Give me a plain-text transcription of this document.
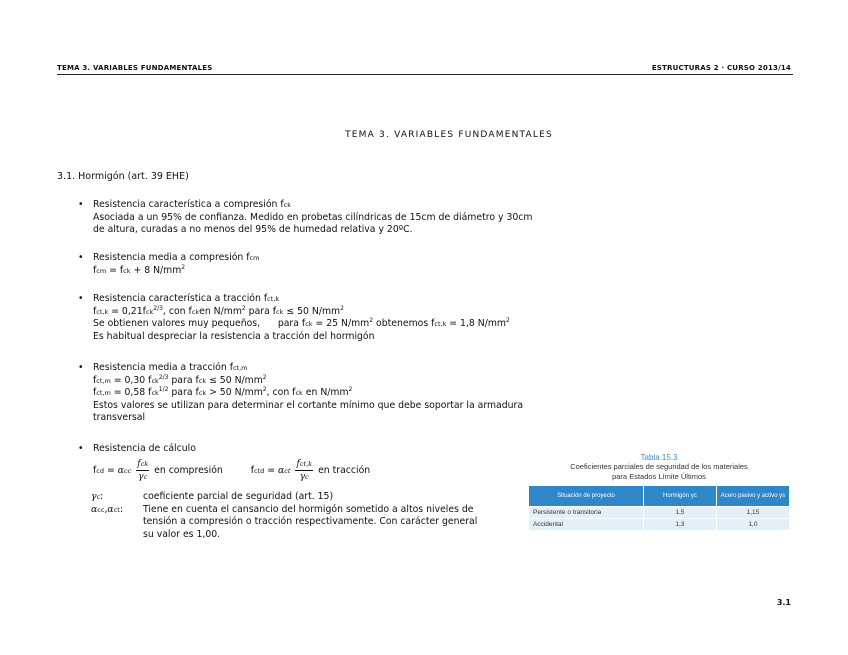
TEMA 3. VARIABLES FUNDAMENTALES	ESTRUCTURAS 2 · CURSO 2013/14
TEMA 3. VARIABLES FUNDAMENTALES
3.1. Hormigón (art. 39 EHE)
• Resistencia característica a compresión fck
Asociada a un 95% de confianza. Medido en probetas cilíndricas de 15cm de diámetro y 30cm
de altura, curadas a no menos del 95% de humedad relativa y 20ºC.
• Resistencia media a compresión fcm
fcm = fck + 8 $N/mm^2$
• Resistencia característica a tracción fct,k
fct,k = 0,21fck$^{2/3}$, con fcken $N/mm^2$ para fck ≤ 50 $N/mm^2$
Se obtienen valores muy pequeños,      para fck = 25 $N/mm^2$ obtenemos fct,k = 1,8 $N/mm^2$
Es habitual despreciar la resistencia a tracción del hormigón
• Resistencia media a tracción fct,m
fct,m = 0,30 fck$^{2/3}$ para fck ≤ 50 $N/mm^2$
fct,m = 0,58 fck$^{1/2}$ para fck > 50 $N/mm^2$, con fck en $N/mm^2$
Estos valores se utilizan para determinar el cortante mínimo que debe soportar la armadura
transversal
• Resistencia de cálculo
fcd = αcc $\frac{\text{fck}}{\gamma c}$ en compresión	fctd = αct $\frac{\text{fct,k}}{\gamma c}$ en tracción
γc:	coeficiente parcial de seguridad (art. 15)
αcc,αct:	Tiene en cuenta el cansancio del hormigón sometido a altos niveles de tensión a compresión o tracción respectivamente. Con carácter general su valor es 1,00.
Tabla 15.3
Coeficientes parciales de seguridad de los materiales
para Estados Límite Últimos
Situación de proyecto	Hormigón γc	Acero pasivo y activo γs
Persistente o transitoria	1,5	1,15
Accidental	1,3	1,0
3.1
